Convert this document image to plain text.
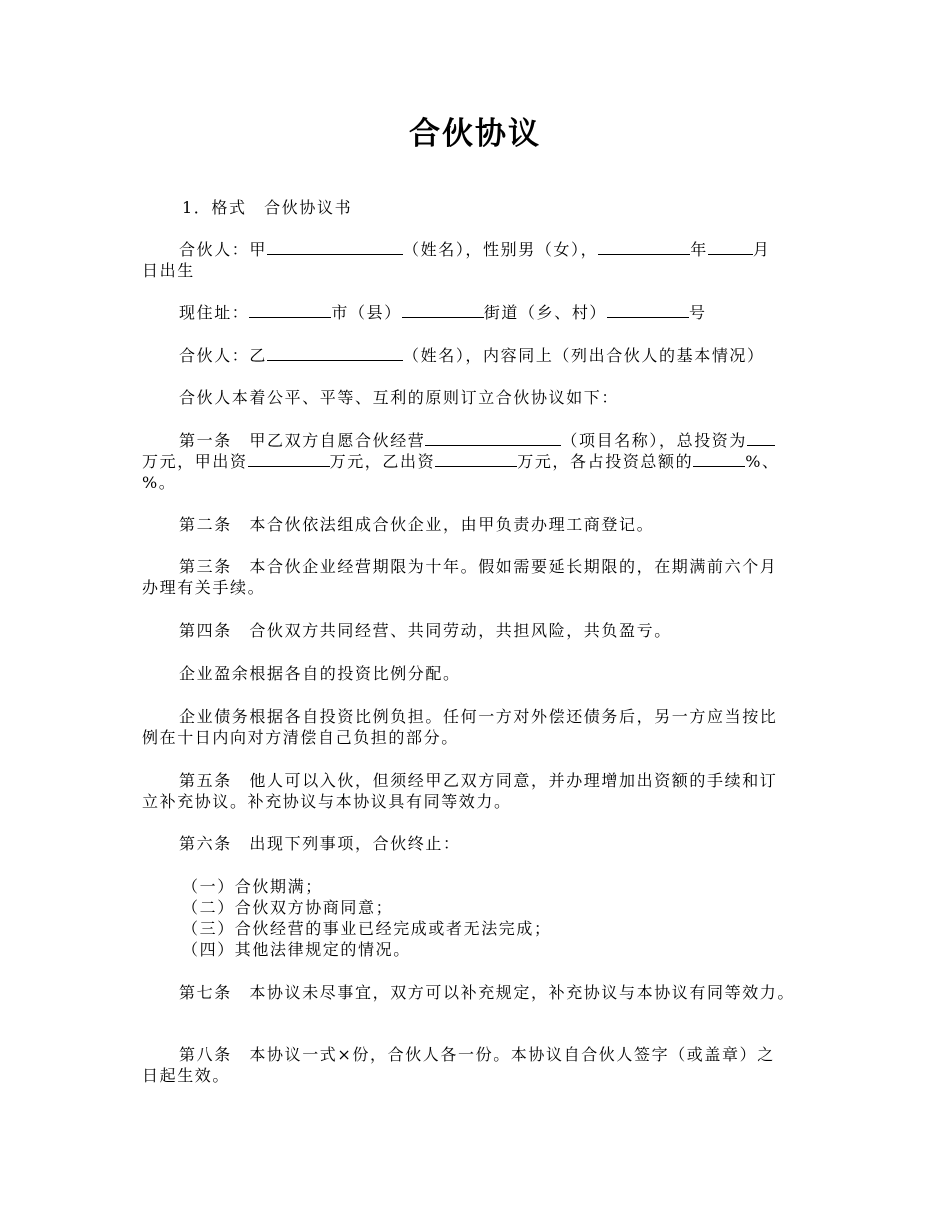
合伙协议
1．格式　合伙协议书
合伙人：甲	（姓名），性别男（女），	年	月
日出生
现住址：	市（县）	街道（乡、村）	号
合伙人：乙	（姓名），内容同上（列出合伙人的基本情况）
合伙人本着公平、平等、互利的原则订立合伙协议如下：
第一条　甲乙双方自愿合伙经营	（项目名称），总投资为
万元，甲出资	万元，乙出资	万元，各占投资总额的	%、
%。
第二条　本合伙依法组成合伙企业，由甲负责办理工商登记。
第三条　本合伙企业经营期限为十年。假如需要延长期限的，在期满前六个月
办理有关手续。
第四条　合伙双方共同经营、共同劳动，共担风险，共负盈亏。
企业盈余根据各自的投资比例分配。
企业债务根据各自投资比例负担。任何一方对外偿还债务后，另一方应当按比
例在十日内向对方清偿自己负担的部分。
第五条　他人可以入伙，但须经甲乙双方同意，并办理增加出资额的手续和订
立补充协议。补充协议与本协议具有同等效力。
第六条　出现下列事项，合伙终止：
（一）合伙期满；
（二）合伙双方协商同意；
（三）合伙经营的事业已经完成或者无法完成；
（四）其他法律规定的情况。
第七条　本协议未尽事宜，双方可以补充规定，补充协议与本协议有同等效力。
第八条　本协议一式×份，合伙人各一份。本协议自合伙人签字（或盖章）之
日起生效。
